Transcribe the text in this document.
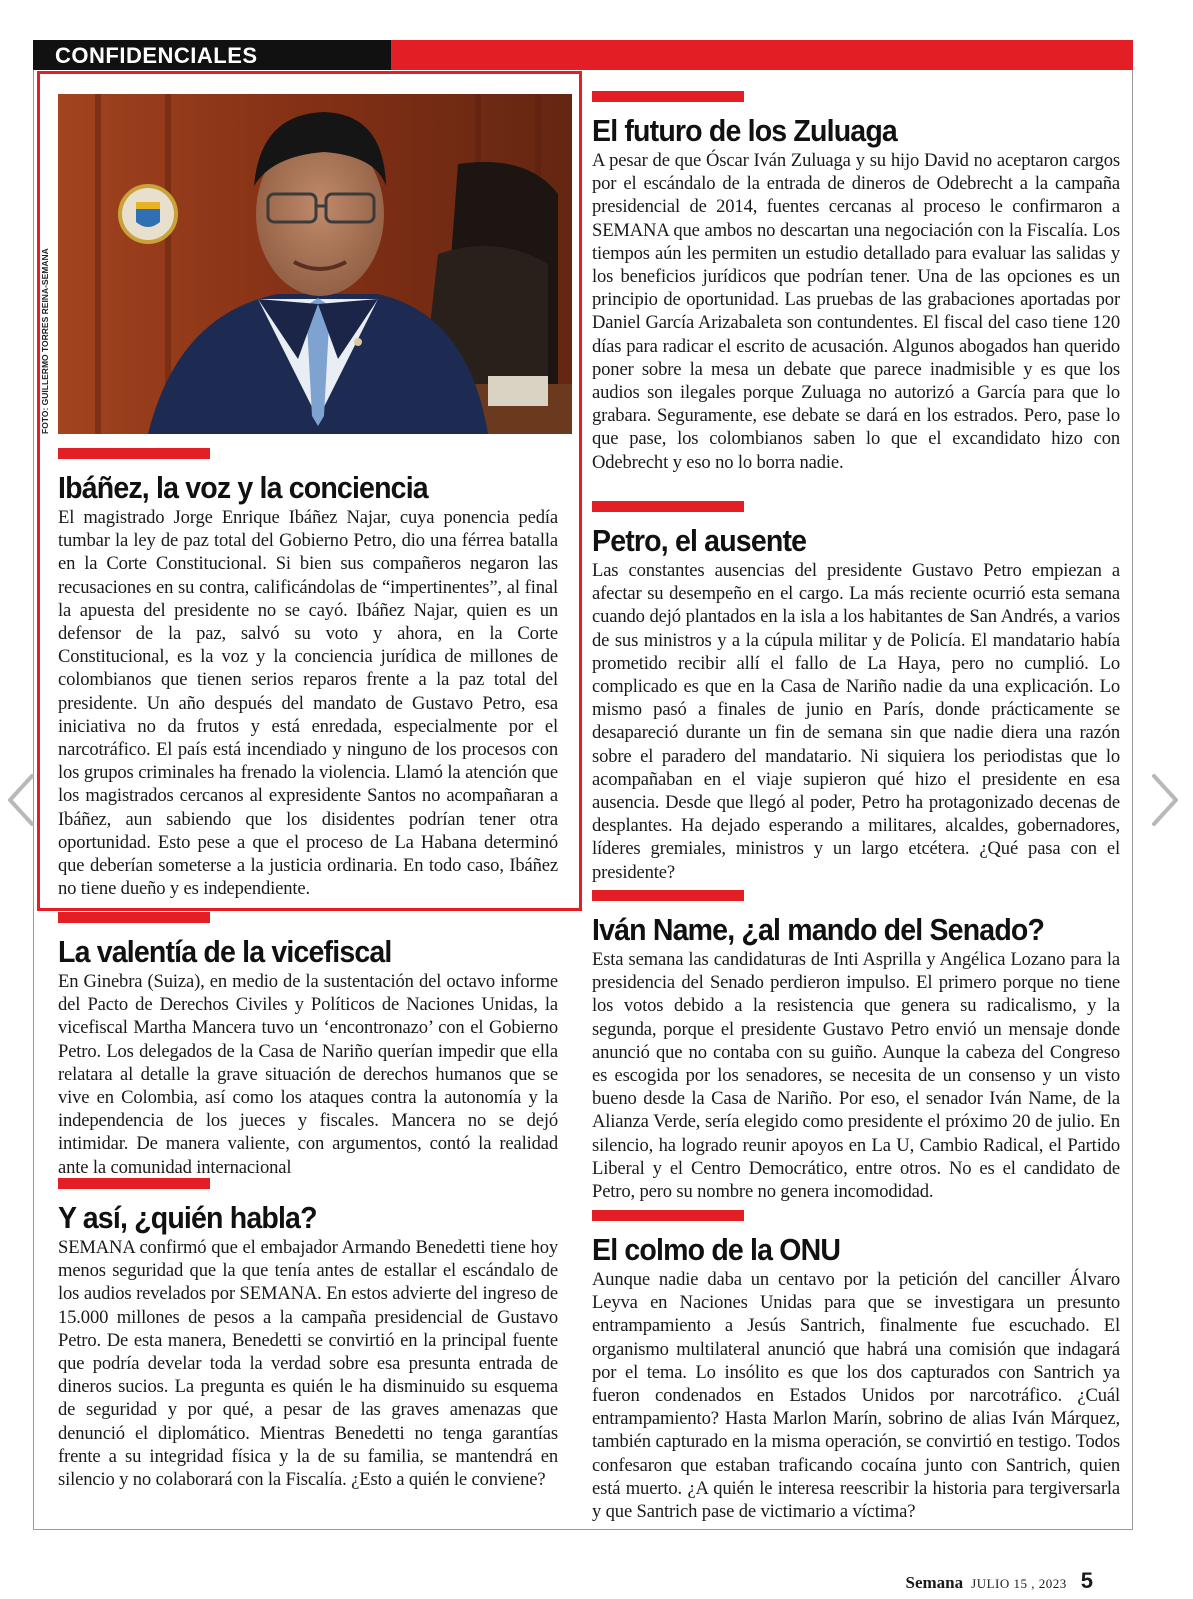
CONFIDENCIALES
FOTO: GUILLERMO TORRES REINA-SEMANA
Ibáñez, la voz y la conciencia

El magistrado Jorge Enrique Ibáñez Najar, cuya ponencia pedía tumbar la ley de paz total del Gobierno Petro, dio una férrea batalla en la Corte Constitucional. Si bien sus compañeros negaron las recusaciones en su contra, calificándolas de “impertinentes”, al final la apuesta del presidente no se cayó. Ibáñez Najar, quien es un defensor de la paz, salvó su voto y ahora, en la Corte Constitucional, es la voz y la conciencia jurídica de millones de colombianos que tienen serios reparos frente a la paz total del presidente. Un año después del mandato de Gustavo Petro, esa iniciativa no da frutos y está enredada, especialmente por el narcotráfico. El país está incendiado y ninguno de los procesos con los grupos criminales ha frenado la violencia. Llamó la atención que los magistrados cercanos al expresidente Santos no acompañaran a Ibáñez, aun sabiendo que los disidentes podrían tener otra oportunidad. Esto pese a que el proceso de La Habana determinó que deberían someterse a la justicia ordinaria. En todo caso, Ibáñez no tiene dueño y es independiente.

La valentía de la vicefiscal

En Ginebra (Suiza), en medio de la sustentación del octavo informe del Pacto de Derechos Civiles y Políticos de Naciones Unidas, la vicefiscal Martha Mancera tuvo un ‘encontronazo’ con el Gobierno Petro. Los delegados de la Casa de Nariño querían impedir que ella relatara al detalle la grave situación de derechos humanos que se vive en Colombia, así como los ataques contra la autonomía y la independencia de los jueces y fiscales. Mancera no se dejó intimidar. De manera valiente, con argumentos, contó la realidad ante la comunidad internacional

Y así, ¿quién habla?

SEMANA confirmó que el embajador Armando Benedetti tiene hoy menos seguridad que la que tenía antes de estallar el escándalo de los audios revelados por SEMANA. En estos advierte del ingreso de 15.000 millones de pesos a la campaña presidencial de Gustavo Petro. De esta manera, Benedetti se convirtió en la principal fuente que podría develar toda la verdad sobre esa presunta entrada de dineros sucios. La pregunta es quién le ha disminuido su esquema de seguridad y por qué, a pesar de las graves amenazas que denunció el diplomático. Mientras Benedetti no tenga garantías frente a su integridad física y la de su familia, se mantendrá en silencio y no colaborará con la Fiscalía. ¿Esto a quién le conviene?

El futuro de los Zuluaga

A pesar de que Óscar Iván Zuluaga y su hijo David no aceptaron cargos por el escándalo de la entrada de dineros de Odebrecht a la campaña presidencial de 2014, fuentes cercanas al proceso le confirmaron a SEMANA que ambos no descartan una negociación con la Fiscalía. Los tiempos aún les permiten un estudio detallado para evaluar las salidas y los beneficios jurídicos que podrían tener. Una de las opciones es un principio de oportunidad. Las pruebas de las grabaciones aportadas por Daniel García Arizabaleta son contundentes. El fiscal del caso tiene 120 días para radicar el escrito de acusación. Algunos abogados han querido poner sobre la mesa un debate que parece inadmisible y es que los audios son ilegales porque Zuluaga no autorizó a García para que lo grabara. Seguramente, ese debate se dará en los estrados. Pero, pase lo que pase, los colombianos saben lo que el excandidato hizo con Odebrecht y eso no lo borra nadie.

Petro, el ausente

Las constantes ausencias del presidente Gustavo Petro empiezan a afectar su desempeño en el cargo. La más reciente ocurrió esta semana cuando dejó plantados en la isla a los habitantes de San Andrés, a varios de sus ministros y a la cúpula militar y de Policía. El mandatario había prometido recibir allí el fallo de La Haya, pero no cumplió. Lo complicado es que en la Casa de Nariño nadie da una explicación. Lo mismo pasó a finales de junio en París, donde prácticamente se desapareció durante un fin de semana sin que nadie diera una razón sobre el paradero del mandatario. Ni siquiera los periodistas que lo acompañaban en el viaje supieron qué hizo el presidente en esa ausencia. Desde que llegó al poder, Petro ha protagonizado decenas de desplantes. Ha dejado esperando a militares, alcaldes, gobernadores, líderes gremiales, ministros y un largo etcétera. ¿Qué pasa con el presidente?

Iván Name, ¿al mando del Senado?

Esta semana las candidaturas de Inti Asprilla y Angélica Lozano para la presidencia del Senado perdieron impulso. El primero porque no tiene los votos debido a la resistencia que genera su radicalismo, y la segunda, porque el presidente Gustavo Petro envió un mensaje donde anunció que no contaba con su guiño. Aunque la cabeza del Congreso es escogida por los senadores, se necesita de un consenso y un visto bueno desde la Casa de Nariño. Por eso, el senador Iván Name, de la Alianza Verde, sería elegido como presidente el próximo 20 de julio. En silencio, ha logrado reunir apoyos en La U, Cambio Radical, el Partido Liberal y el Centro Democrático, entre otros. No es el candidato de Petro, pero su nombre no genera incomodidad.

El colmo de la ONU

Aunque nadie daba un centavo por la petición del canciller Álvaro Leyva en Naciones Unidas para que se investigara un presunto entrampamiento a Jesús Santrich, finalmente fue escuchado. El organismo multilateral anunció que habrá una comisión que indagará por el tema. Lo insólito es que los dos capturados con Santrich ya fueron condenados en Estados Unidos por narcotráfico. ¿Cuál entrampamiento? Hasta Marlon Marín, sobrino de alias Iván Márquez, también capturado en la misma operación, se convirtió en testigo. Todos confesaron que estaban traficando cocaína junto con Santrich, quien está muerto. ¿A quién le interesa reescribir la historia para tergiversarla y que Santrich pase de victimario a víctima?

Semana JULIO 15 , 2023 5
